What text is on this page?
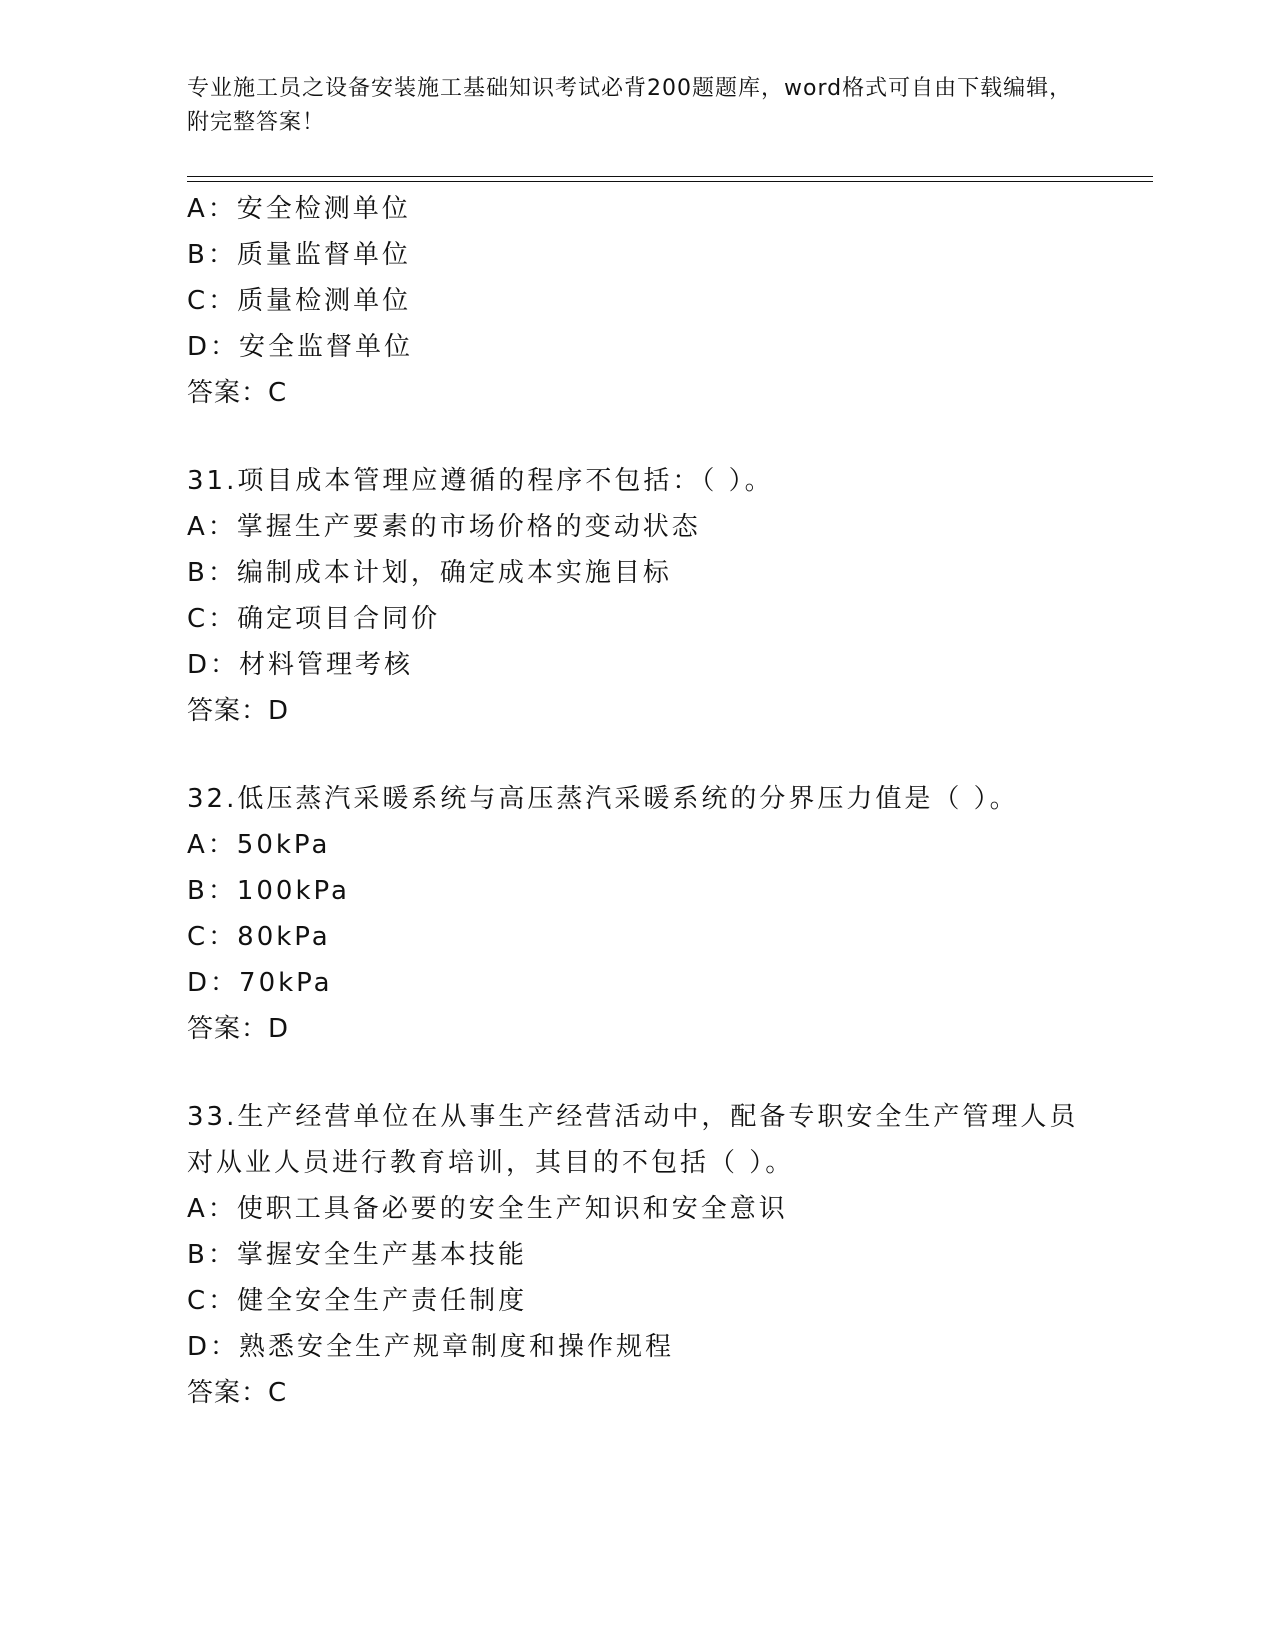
专业施工员之设备安装施工基础知识考试必背200题题库，word格式可自由下载编辑，附完整答案！
A：安全检测单位
B：质量监督单位
C：质量检测单位
D：安全监督单位
答案：C
31.项目成本管理应遵循的程序不包括：（ ）。
A：掌握生产要素的市场价格的变动状态
B：编制成本计划，确定成本实施目标
C：确定项目合同价
D：材料管理考核
答案：D
32.低压蒸汽采暖系统与高压蒸汽采暖系统的分界压力值是（ ）。
A：50kPa
B：100kPa
C：80kPa
D：70kPa
答案：D
33.生产经营单位在从事生产经营活动中，配备专职安全生产管理人员
对从业人员进行教育培训，其目的不包括（ ）。
A：使职工具备必要的安全生产知识和安全意识
B：掌握安全生产基本技能
C：健全安全生产责任制度
D：熟悉安全生产规章制度和操作规程
答案：C
